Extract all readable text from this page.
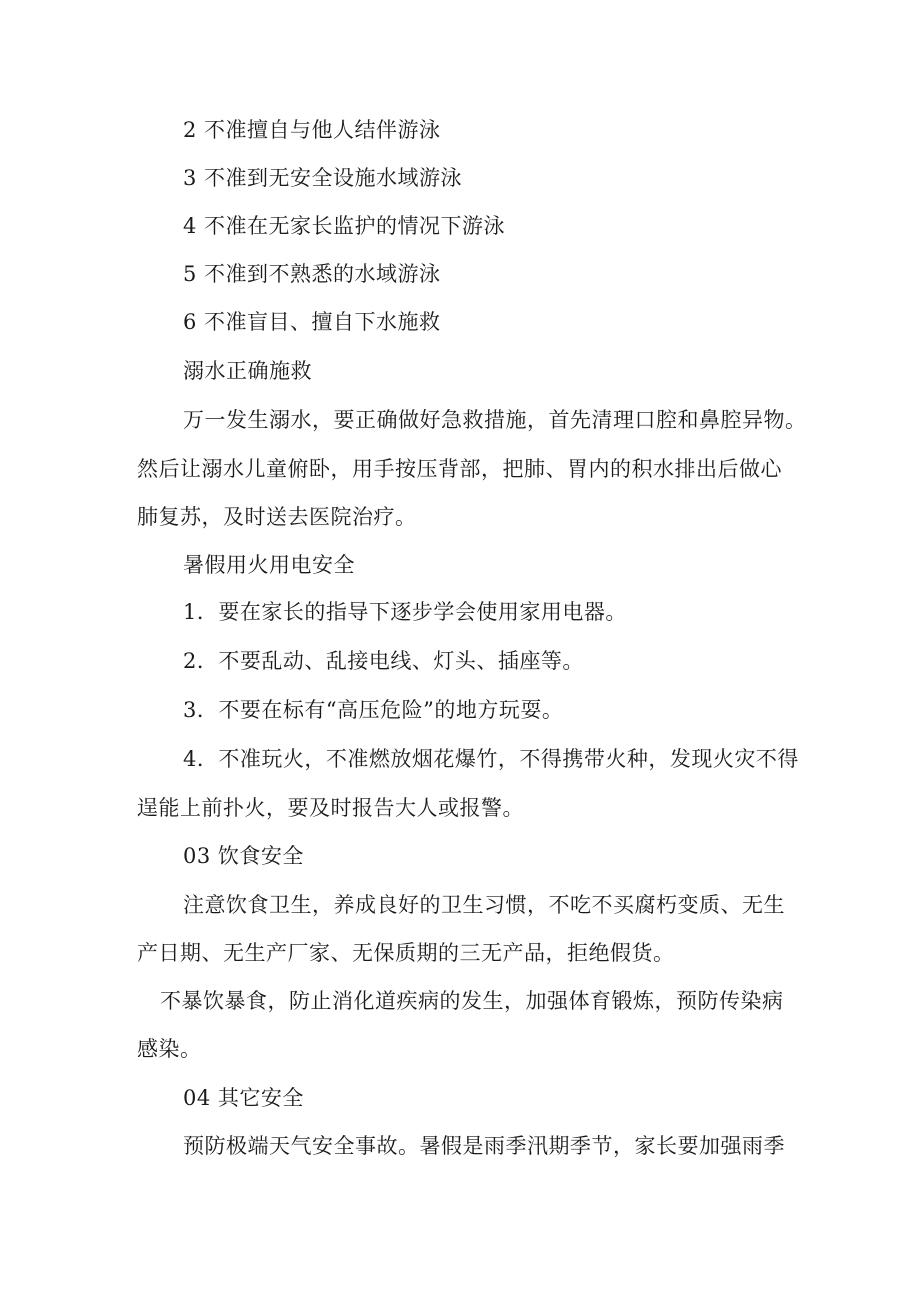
2 不准擅自与他人结伴游泳
3 不准到无安全设施水域游泳
4 不准在无家长监护的情况下游泳
5 不准到不熟悉的水域游泳
6 不准盲目、擅自下水施救
溺水正确施救
万一发生溺水，要正确做好急救措施，首先清理口腔和鼻腔异物。
然后让溺水儿童俯卧，用手按压背部，把肺、胃内的积水排出后做心
肺复苏，及时送去医院治疗。
暑假用火用电安全
1．要在家长的指导下逐步学会使用家用电器。
2．不要乱动、乱接电线、灯头、插座等。
3．不要在标有“高压危险”的地方玩耍。
4．不准玩火，不准燃放烟花爆竹，不得携带火种，发现火灾不得
逞能上前扑火，要及时报告大人或报警。
03 饮食安全
注意饮食卫生，养成良好的卫生习惯，不吃不买腐朽变质、无生
产日期、无生产厂家、无保质期的三无产品，拒绝假货。
不暴饮暴食，防止消化道疾病的发生，加强体育锻炼，预防传染病
感染。
04 其它安全
预防极端天气安全事故。暑假是雨季汛期季节，家长要加强雨季
